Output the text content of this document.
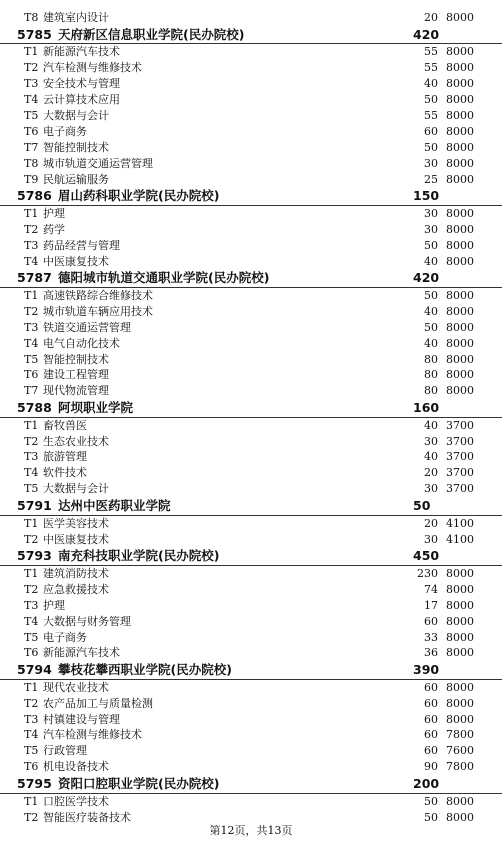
T8 建筑室内设计	20 8000
5785 天府新区信息职业学院(民办院校)	420
T1 新能源汽车技术	55 8000
T2 汽车检测与维修技术	55 8000
T3 安全技术与管理	40 8000
T4 云计算技术应用	50 8000
T5 大数据与会计	55 8000
T6 电子商务	60 8000
T7 智能控制技术	50 8000
T8 城市轨道交通运营管理	30 8000
T9 民航运输服务	25 8000
5786 眉山药科职业学院(民办院校)	150
T1 护理	30 8000
T2 药学	30 8000
T3 药品经营与管理	50 8000
T4 中医康复技术	40 8000
5787 德阳城市轨道交通职业学院(民办院校)	420
T1 高速铁路综合维修技术	50 8000
T2 城市轨道车辆应用技术	40 8000
T3 铁道交通运营管理	50 8000
T4 电气自动化技术	40 8000
T5 智能控制技术	80 8000
T6 建设工程管理	80 8000
T7 现代物流管理	80 8000
5788 阿坝职业学院	160
T1 畜牧兽医	40 3700
T2 生态农业技术	30 3700
T3 旅游管理	40 3700
T4 软件技术	20 3700
T5 大数据与会计	30 3700
5791 达州中医药职业学院	50
T1 医学美容技术	20 4100
T2 中医康复技术	30 4100
5793 南充科技职业学院(民办院校)	450
T1 建筑消防技术	230 8000
T2 应急救援技术	74 8000
T3 护理	17 8000
T4 大数据与财务管理	60 8000
T5 电子商务	33 8000
T6 新能源汽车技术	36 8000
5794 攀枝花攀西职业学院(民办院校)	390
T1 现代农业技术	60 8000
T2 农产品加工与质量检测	60 8000
T3 村镇建设与管理	60 8000
T4 汽车检测与维修技术	60 7800
T5 行政管理	60 7600
T6 机电设备技术	90 7800
5795 资阳口腔职业学院(民办院校)	200
T1 口腔医学技术	50 8000
T2 智能医疗装备技术	50 8000
第12页，共13页
